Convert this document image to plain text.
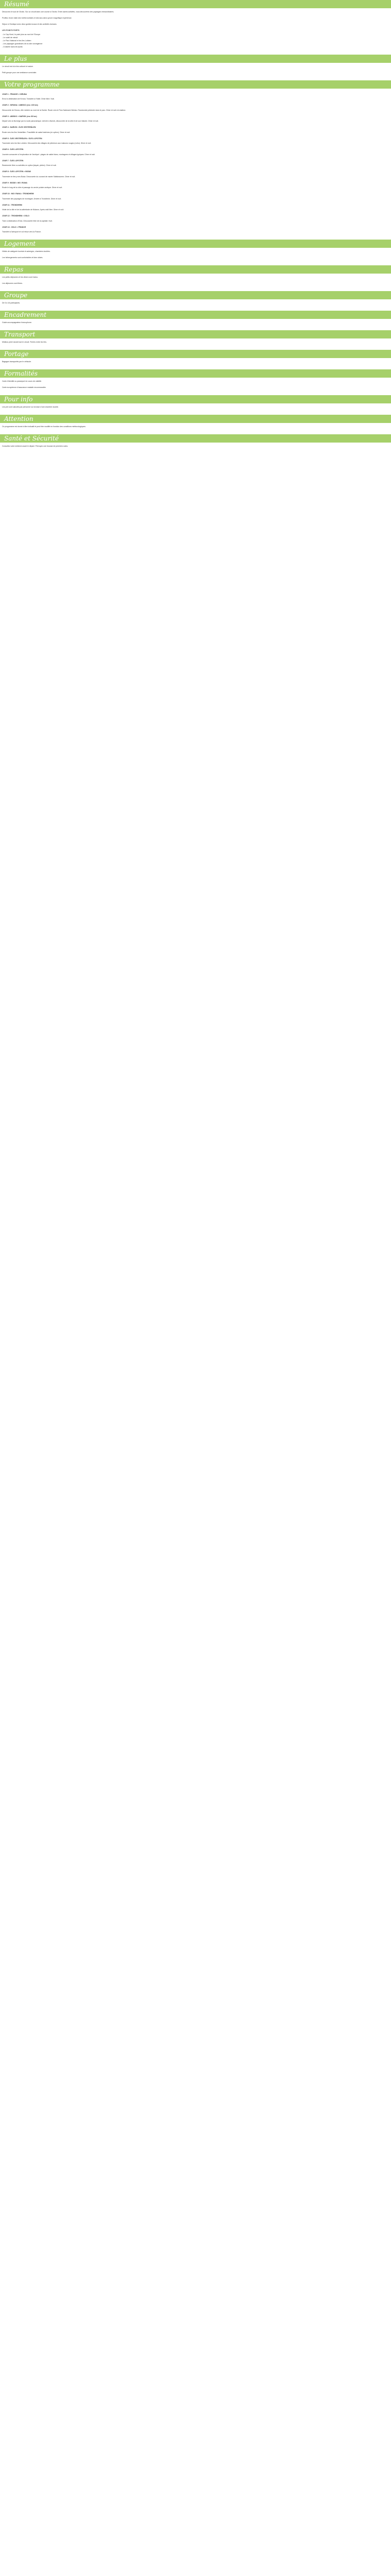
Résumé

Découvrez le sud de l'Arctic. Sur un circuit dans une course à l'Arctic. Entre autres activités, vous découvrirez des paysages extraordinaires.

Profitez d'une visite des forêts boréales et des lacs ainsi qu'une magnifique expérience.

Séjour à l'Arctique avec deux guides locaux et des activités incluses.

LES POINTS FORTS

- Le Cap Nord, le point plus au nord de l'Europe
- Le soleil de minuit
- Le Parc National et les îles Lofoten
- Les paysages grandioses de la côte norvégienne
- Croisière dans les fjords
Le plus

Le circuit est à la fois culturel et nature.

Petit groupe pour une ambiance conviviale.

Votre programme

JOUR 1 : FRANCE > KIRUNA

Envol à destination de Kiruna. Transfert à l'hôtel. Dîner libre. Nuit.

JOUR 2 : KIRUNA > ABISKO (env. 100 km)

Découverte de Kiruna, ville minière au nord de la Suède. Route vers le Parc National d'Abisko. Randonnée pédestre dans le parc. Dîner et nuit à la station.

JOUR 3 : ABISKO > NARVIK (env. 80 km)

Départ vers la Norvège par la route panoramique. Arrivée à Narvik, découverte de la ville et de son histoire. Dîner et nuit.

JOUR 4 : NARVIK > ÎLES VESTERÅLEN

Route vers les îles Vesterålen. Possibilité de safari baleines (en option). Dîner et nuit.

JOUR 5 : ÎLES VESTERÅLEN > ÎLES LOFOTEN

Traversée vers les îles Lofoten. Découverte des villages de pêcheurs aux maisons rouges (rorbu). Dîner et nuit.

JOUR 6 : ÎLES LOFOTEN

Journée consacrée à l'exploration de l'archipel : plages de sable blanc, montagnes et villages typiques. Dîner et nuit.

JOUR 7 : ÎLES LOFOTEN

Randonnée libre ou activités en option (kayak, pêche). Dîner et nuit.

JOUR 8 : ÎLES LOFOTEN > BODØ

Traversée en ferry vers Bodø. Découverte du courant de marée Saltstraumen. Dîner et nuit.

JOUR 9 : BODØ > MO I RANA

Route le long de la côte et passage du cercle polaire arctique. Dîner et nuit.

JOUR 10 : MO I RANA > TRONDHEIM

Traversée des paysages de montagne. Arrivée à Trondheim. Dîner et nuit.

JOUR 11 : TRONDHEIM

Visite de la ville et de la cathédrale de Nidaros. Après-midi libre. Dîner et nuit.

JOUR 12 : TRONDHEIM > OSLO

Train à destination d'Oslo. Découverte libre de la capitale. Nuit.

JOUR 13 : OSLO > FRANCE

Transfert à l'aéroport et vol retour vers la France.

Logement

Hôtels de catégorie touriste et auberges, chambres doubles.

Les hébergements sont confortables et bien situés.

Repas

Les petits déjeuners et les dîners sont inclus.

Les déjeuners sont libres.

Groupe

De 6 à 16 participants.

Encadrement

Guide accompagnateur francophone.

Transport

Minibus privé durant tout le circuit. Ferries entre les îles.

Portage

Bagages transportés par le véhicule.

Formalités

Carte d'identité ou passeport en cours de validité.

Carte européenne d'assurance maladie recommandée.

Pour info

Les prix sont calculés par personne sur la base d'une chambre double.

Attention

Ce programme est donné à titre indicatif et peut être modifié en fonction des conditions météorologiques.

Santé et Sécurité

Consultez votre médecin avant le départ. Prévoyez une trousse de premiers soins.
